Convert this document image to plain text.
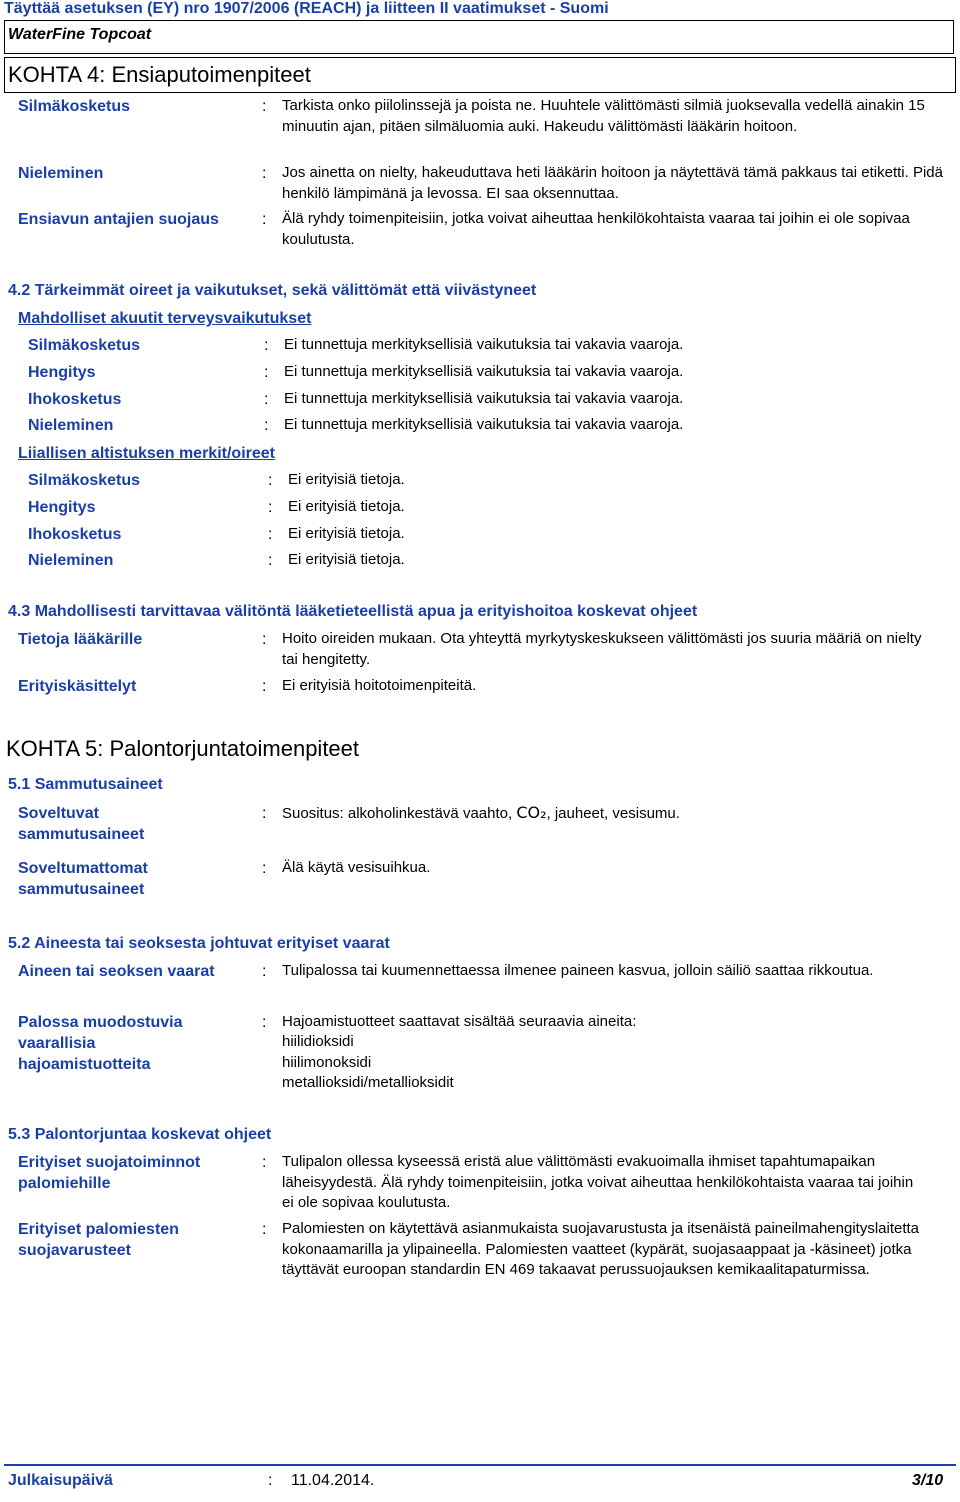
Täyttää asetuksen (EY) nro 1907/2006 (REACH) ja liitteen II vaatimukset - Suomi
WaterFine Topcoat
KOHTA 4: Ensiaputoimenpiteet
Silmäkosketus	: Tarkista onko piilolinssejä ja poista ne. Huuhtele välittömästi silmiä juoksevalla vedellä ainakin 15 minuutin ajan, pitäen silmäluomia auki. Hakeudu välittömästi lääkärin hoitoon.
Nieleminen	: Jos ainetta on nielty, hakeuduttava heti lääkärin hoitoon ja näytettävä tämä pakkaus tai etiketti. Pidä henkilö lämpimänä ja levossa. EI saa oksennuttaa.
Ensiavun antajien suojaus	: Älä ryhdy toimenpiteisiin, jotka voivat aiheuttaa henkilökohtaista vaaraa tai joihin ei ole sopivaa koulutusta.
4.2 Tärkeimmät oireet ja vaikutukset, sekä välittömät että viivästyneet
Mahdolliset akuutit terveysvaikutukset
Silmäkosketus	: Ei tunnettuja merkityksellisiä vaikutuksia tai vakavia vaaroja.
Hengitys	: Ei tunnettuja merkityksellisiä vaikutuksia tai vakavia vaaroja.
Ihokosketus	: Ei tunnettuja merkityksellisiä vaikutuksia tai vakavia vaaroja.
Nieleminen	: Ei tunnettuja merkityksellisiä vaikutuksia tai vakavia vaaroja.
Liiallisen altistuksen merkit/oireet
Silmäkosketus	: Ei erityisiä tietoja.
Hengitys	: Ei erityisiä tietoja.
Ihokosketus	: Ei erityisiä tietoja.
Nieleminen	: Ei erityisiä tietoja.
4.3 Mahdollisesti tarvittavaa välitöntä lääketieteellistä apua ja erityishoitoa koskevat ohjeet
Tietoja lääkärille	: Hoito oireiden mukaan. Ota yhteyttä myrkytyskeskukseen välittömästi jos suuria määriä on nielty tai hengitetty.
Erityiskäsittelyt	: Ei erityisiä hoitotoimenpiteitä.
KOHTA 5: Palontorjuntatoimenpiteet
5.1 Sammutusaineet
Soveltuvat sammutusaineet
: Suositus: alkoholinkestävä vaahto, CO₂, jauheet, vesisumu.
Soveltumattomat sammutusaineet
: Älä käytä vesisuihkua.
5.2 Aineesta tai seoksesta johtuvat erityiset vaarat
Aineen tai seoksen vaarat	: Tulipalossa tai kuumennettaessa ilmenee paineen kasvua, jolloin säiliö saattaa rikkoutua.
Palossa muodostuvia vaarallisia hajoamistuotteita
: Hajoamistuotteet saattavat sisältää seuraavia aineita:
hiilidioksidi
hiilimonoksidi
metallioksidi/metallioksidit
5.3 Palontorjuntaa koskevat ohjeet
Erityiset suojatoiminnot palomiehille
: Tulipalon ollessa kyseessä eristä alue välittömästi evakuoimalla ihmiset tapahtumapaikan läheisyydestä. Älä ryhdy toimenpiteisiin, jotka voivat aiheuttaa henkilökohtaista vaaraa tai joihin ei ole sopivaa koulutusta.
Erityiset palomiesten suojavarusteet
: Palomiesten on käytettävä asianmukaista suojavarustusta ja itsenäistä paineilmahengityslaitetta kokonaamarilla ja ylipaineella. Palomiesten vaatteet (kypärät, suojasaappaat ja -käsineet) jotka täyttävät euroopan standardin EN 469 takaavat perussuojauksen kemikaalitapaturmissa.
Julkaisupäivä	: 11.04.2014.	3/10
